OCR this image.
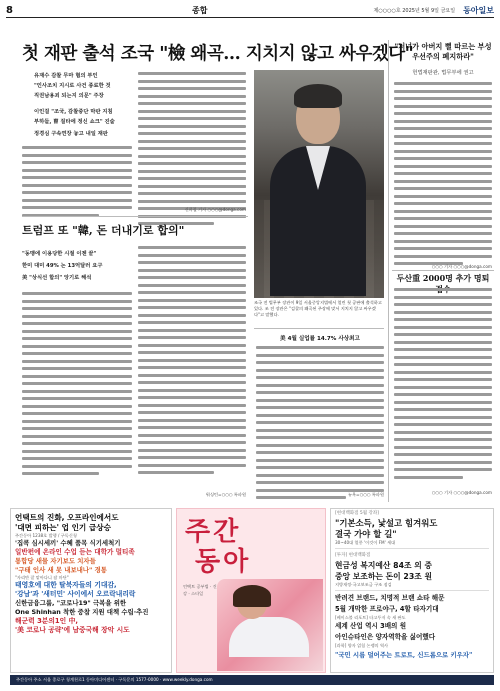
8	종합	제○○○○호 2025년 5월 9일 금요일 동아일보
첫 재판 출석 조국 "檢 왜곡… 지치지 않고 싸우겠다"
유재수 감찰 무마 혐의 부인
"인사조치 지시로 사건 종료한 것
직권남용죄 되는지 의문" 주장
이인걸 "조국, 감찰중단 막판 지침
부하들, 曺 질타에 정신 쇼크" 진술
정경심 구속연장 놓고 내일 재판
신희철 기자 ○○○@donga.com
조국 전 법무부 장관이 9일 서울중앙지법에서 열린 첫 공판에 출석하고 있다. 조 전 장관은 "검찰의 왜곡된 주장에 맞서 지치지 않고 싸우겠다"고 말했다.
"저녀가 아버지 뻘 따르는 부성우선주의 폐지하라"
헌법재판관, 법무부에 권고
○○○ 기자 ○○○@donga.com
두산重 2000명 추가 명퇴
○○○ 기자 ○○○@donga.com
트럼프 또 "韓, 돈 더내기로 합의"
"동맹에 이용당한 시절 이젠 끝"
한미 대미 49% 논 13억달러 요구
美 "상식선 합의" 앙기로 해석
워싱턴=○○○ 특파원
美 4월 실업률 14.7% 사상최고
뉴욕=○○○ 특파원
언택트의 진화, 오프라인에서도
'대면 피하는' 업 인기 급상승
주간동아 1238호 발행 / 구독신청
'집콕 심시세끼' 수혜 품목 식기세척기
일반펀에 온라인 수업 듣는 대학가 멀티족
통합당 새물 자기보도 치자들
"구태 인사 새 못 내보내나" 경통
"자리만 잘 맡아다니 잠 마단"
태영호에 대한 탈북자들의 기대감,
'강남'과 '새터민' 사이에서 오르락내리락
신한금융그룹, "코로나19" 극복을 위한
One Shinhan 착한 중참 지원 대책 수립·추진
해군력 3분의1인 中,
'美 코로나 공략'에 남중국해 장악 시도
주간
동아
언택트 공부법 · 건강 · 스타일
[현대백화점 5월 강좌]
"기본소득, 낯설고 힘겨워도
결국 가야 할 길"
30~40대 열풍 '이것이 FM' 세대
[투자] 현대백화점
현금성 복지예산 84조 의 중
중앙 보조하는 돈이 23조 원
지방재정·국고보조금 구조 점검
반려견 브랜드, 치명적 브랜 쇼타 해문
5월 개막한 프로야구, 4할 타자기대
[베이스볼 리포트] 타고투저 속 새 판도
세계 산업 역시 3배의 원
아인슈타인은 양자역학을 싫어했다
[과학] 양자 얽힘 논쟁의 역사
"국민 시름 덜어주는 트로트, 신드롬으로 키우자"
주간동아 주소 서울 종로구 청계천로1 동아미디어센터 · 구독문의 1577-0000 · www.weekly.donga.com
